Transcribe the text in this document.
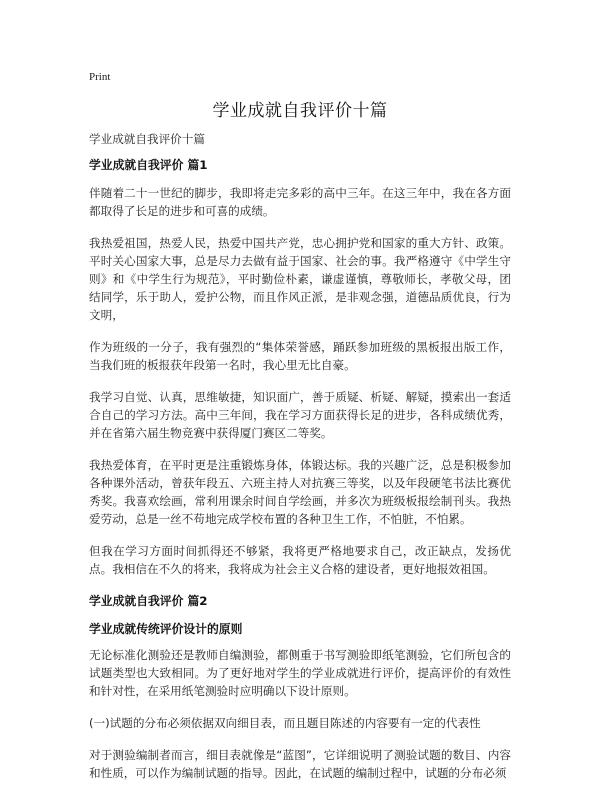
Print
学业成就自我评价十篇

学业成就自我评价十篇

学业成就自我评价 篇1

伴随着二十一世纪的脚步，我即将走完多彩的高中三年。在这三年中，我在各方面都取得了长足的进步和可喜的成绩。

我热爱祖国，热爱人民，热爱中国共产党，忠心拥护党和国家的重大方针、政策。平时关心国家大事，总是尽力去做有益于国家、社会的事。我严格遵守《中学生守则》和《中学生行为规范》，平时勤俭朴素，谦虚谨慎，尊敬师长，孝敬父母，团结同学，乐于助人，爱护公物，而且作风正派，是非观念强，道德品质优良，行为文明，

作为班级的一分子，我有强烈的“集体荣誉感，踊跃参加班级的黑板报出版工作，当我们班的板报获年段第一名时，我心里无比自豪。

我学习自觉、认真，思维敏捷，知识面广，善于质疑、析疑、解疑，摸索出一套适合自己的学习方法。高中三年间，我在学习方面获得长足的进步，各科成绩优秀，并在省第六届生物竞赛中获得厦门赛区二等奖。

我热爱体育，在平时更是注重锻炼身体，体锻达标。我的兴趣广泛，总是积极参加各种课外活动，曾获年段五、六班主持人对抗赛三等奖，以及年段硬笔书法比赛优秀奖。我喜欢绘画，常利用课余时间自学绘画，并多次为班级板报绘制刊头。我热爱劳动，总是一丝不苟地完成学校布置的各种卫生工作，不怕脏，不怕累。

但我在学习方面时间抓得还不够紧，我将更严格地要求自己，改正缺点，发扬优点。我相信在不久的将来，我将成为社会主义合格的建设者，更好地报效祖国。

学业成就自我评价 篇2
学业成就传统评价设计的原则

无论标准化测验还是教师自编测验，都侧重于书写测验即纸笔测验，它们所包含的试题类型也大致相同。为了更好地对学生的学业成就进行评价，提高评价的有效性和针对性，在采用纸笔测验时应明确以下设计原则。

(一)试题的分布必须依据双向细目表，而且题目陈述的内容要有一定的代表性

对于测验编制者而言，细目表就像是“蓝图”，它详细说明了测验试题的数目、内容和性质，可以作为编制试题的指导。因此，在试题的编制过程中，试题的分布必须
